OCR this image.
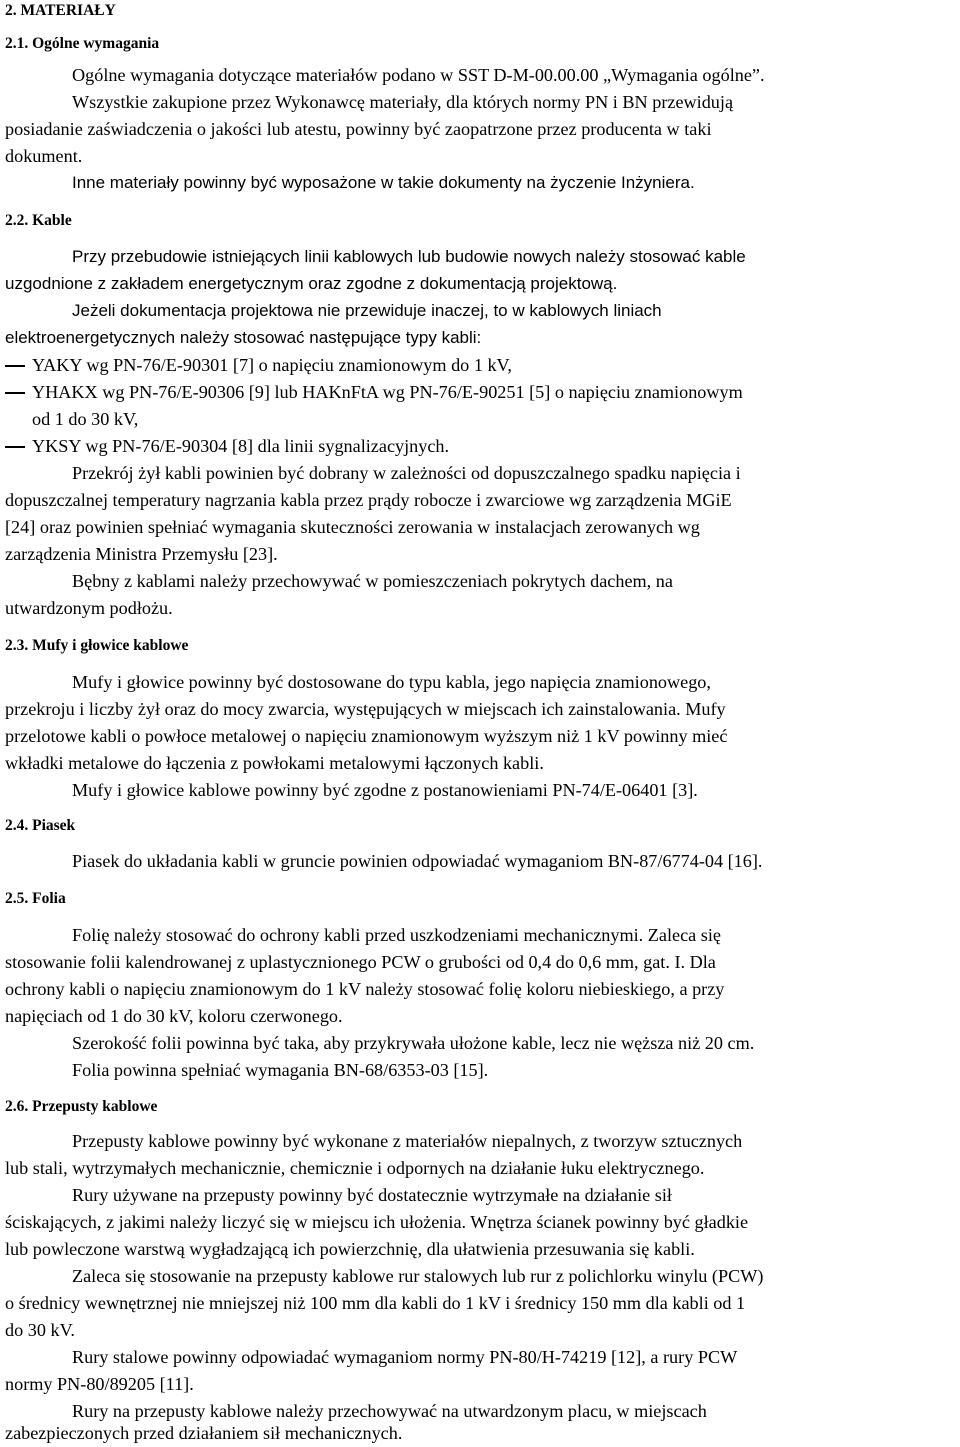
2. MATERIAŁY
2.1. Ogólne wymagania
Ogólne wymagania dotyczące materiałów podano w SST D-M-00.00.00 „Wymagania ogólne”.
Wszystkie zakupione przez Wykonawcę materiały, dla których normy PN i BN przewidują
posiadanie zaświadczenia o jakości lub atestu, powinny być zaopatrzone przez producenta w taki
dokument.
Inne materiały powinny być wyposażone w takie dokumenty na życzenie Inżyniera.
2.2. Kable
Przy przebudowie istniejących linii kablowych lub budowie nowych należy stosować kable
uzgodnione z zakładem energetycznym oraz zgodne z dokumentacją projektową.
Jeżeli dokumentacja projektowa nie przewiduje inaczej, to w kablowych liniach
elektroenergetycznych należy stosować następujące typy kabli:
YAKY wg PN-76/E-90301 [7] o napięciu znamionowym do 1 kV,
YHAKX wg PN-76/E-90306 [9] lub HAKnFtA wg PN-76/E-90251 [5] o napięciu znamionowym
od 1 do 30 kV,
YKSY wg PN-76/E-90304 [8] dla linii sygnalizacyjnych.
Przekrój żył kabli powinien być dobrany w zależności od dopuszczalnego spadku napięcia i
dopuszczalnej temperatury nagrzania kabla przez prądy robocze i zwarciowe wg zarządzenia MGiE
[24] oraz powinien spełniać wymagania skuteczności zerowania w instalacjach zerowanych wg
zarządzenia Ministra Przemysłu [23].
Bębny z kablami należy przechowywać w pomieszczeniach pokrytych dachem, na
utwardzonym podłożu.
2.3. Mufy i głowice kablowe
Mufy i głowice powinny być dostosowane do typu kabla, jego napięcia znamionowego,
przekroju i liczby żył oraz do mocy zwarcia, występujących w miejscach ich zainstalowania. Mufy
przelotowe kabli o powłoce metalowej o napięciu znamionowym wyższym niż 1 kV powinny mieć
wkładki metalowe do łączenia z powłokami metalowymi łączonych kabli.
Mufy i głowice kablowe powinny być zgodne z postanowieniami PN-74/E-06401 [3].
2.4. Piasek
Piasek do układania kabli w gruncie powinien odpowiadać wymaganiom BN-87/6774-04 [16].
2.5. Folia
Folię należy stosować do ochrony kabli przed uszkodzeniami mechanicznymi. Zaleca się
stosowanie folii kalendrowanej z uplastycznionego PCW o grubości od 0,4 do 0,6 mm, gat. I. Dla
ochrony kabli o napięciu znamionowym do 1 kV należy stosować folię koloru niebieskiego, a przy
napięciach od 1 do 30 kV, koloru czerwonego.
Szerokość folii powinna być taka, aby przykrywała ułożone kable, lecz nie węższa niż 20 cm.
Folia powinna spełniać wymagania BN-68/6353-03 [15].
2.6. Przepusty kablowe
Przepusty kablowe powinny być wykonane z materiałów niepalnych, z tworzyw sztucznych
lub stali, wytrzymałych mechanicznie, chemicznie i odpornych na działanie łuku elektrycznego.
Rury używane na przepusty powinny być dostatecznie wytrzymałe na działanie sił
ściskających, z jakimi należy liczyć się w miejscu ich ułożenia. Wnętrza ścianek powinny być gładkie
lub powleczone warstwą wygładzającą ich powierzchnię, dla ułatwienia przesuwania się kabli.
Zaleca się stosowanie na przepusty kablowe rur stalowych lub rur z polichlorku winylu (PCW)
o średnicy wewnętrznej nie mniejszej niż 100 mm dla kabli do 1 kV i średnicy 150 mm dla kabli od 1
do 30 kV.
Rury stalowe powinny odpowiadać wymaganiom normy PN-80/H-74219 [12], a rury PCW
normy PN-80/89205 [11].
Rury na przepusty kablowe należy przechowywać na utwardzonym placu, w miejscach
zabezpieczonych przed działaniem sił mechanicznych.
